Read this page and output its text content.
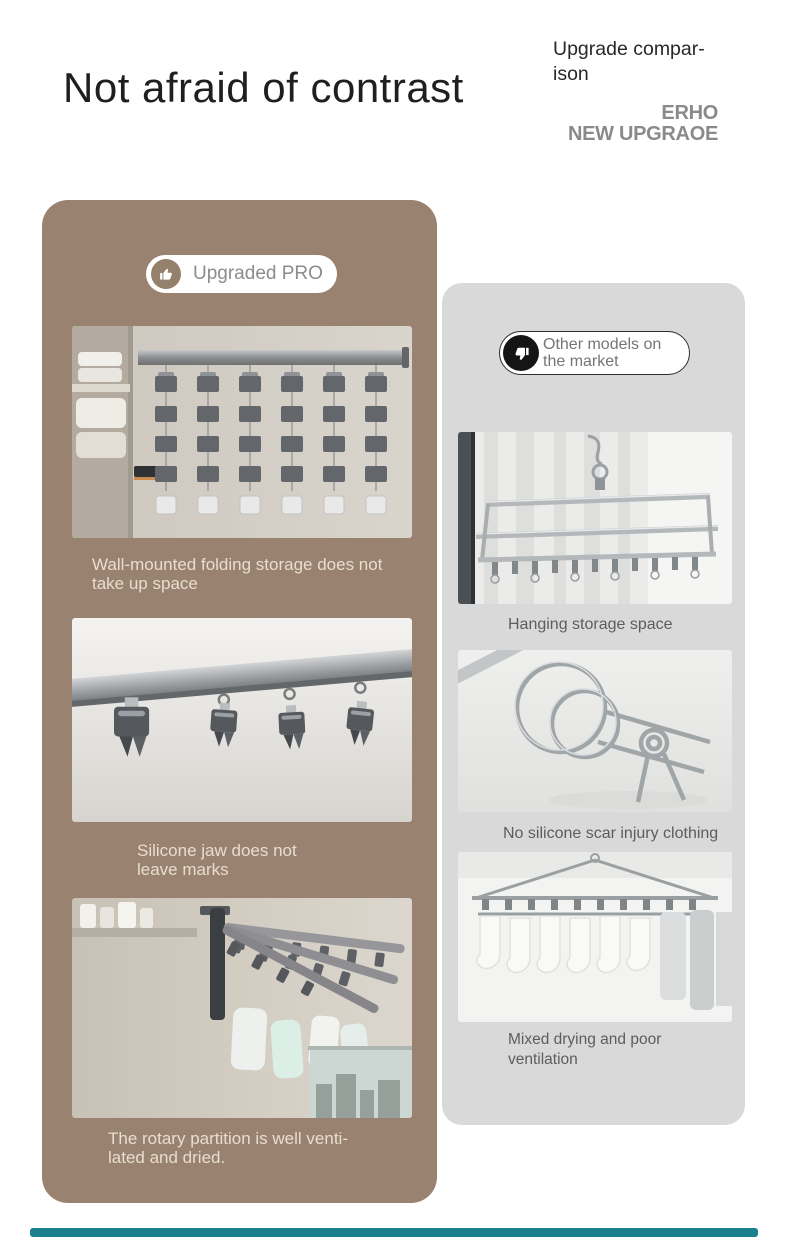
Not afraid of contrast
Upgrade compar-
ison
ERHO
NEW UPGRAOE
Upgraded PRO
Wall-mounted folding storage does not
take up space
Silicone jaw does not
leave marks
The rotary partition is well venti-
lated and dried.
Other models on
the market
Hanging storage space
No silicone scar injury clothing
Mixed drying and poor
ventilation
